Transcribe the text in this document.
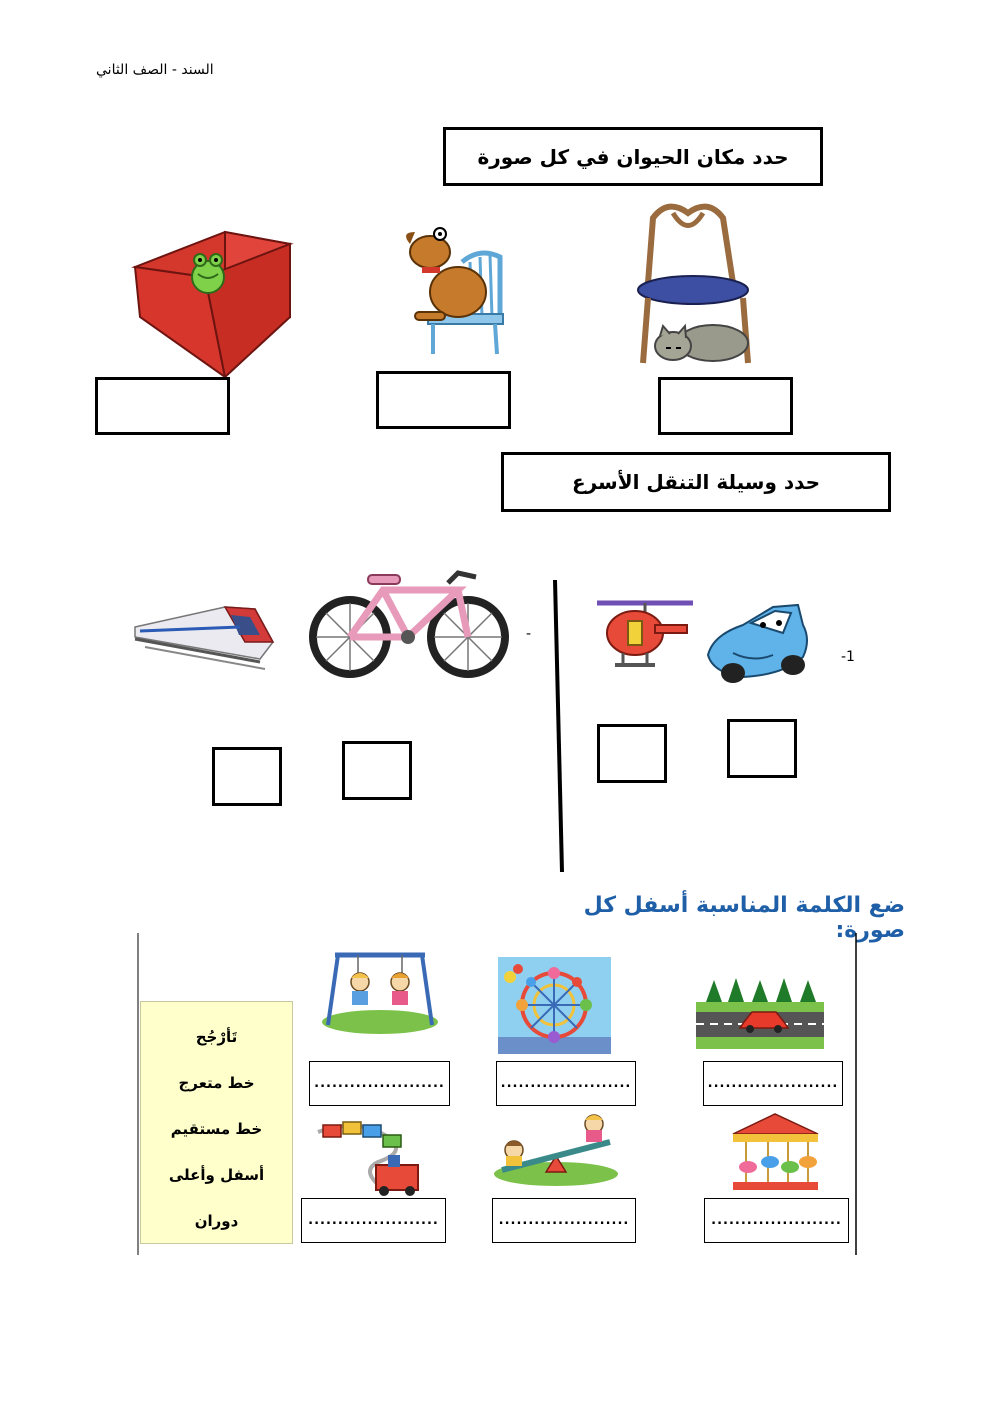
السند - الصف الثاني
حدد مكان الحيوان في كل صورة
حدد وسيلة التنقل الأسرع
-
-1
ضع الكلمة المناسبة أسفل كل صورة:
تَأرْجُح
خط متعرج
خط مستقيم
أسفل وأعلى
دوران
......................	......................	......................
......................	......................	......................
